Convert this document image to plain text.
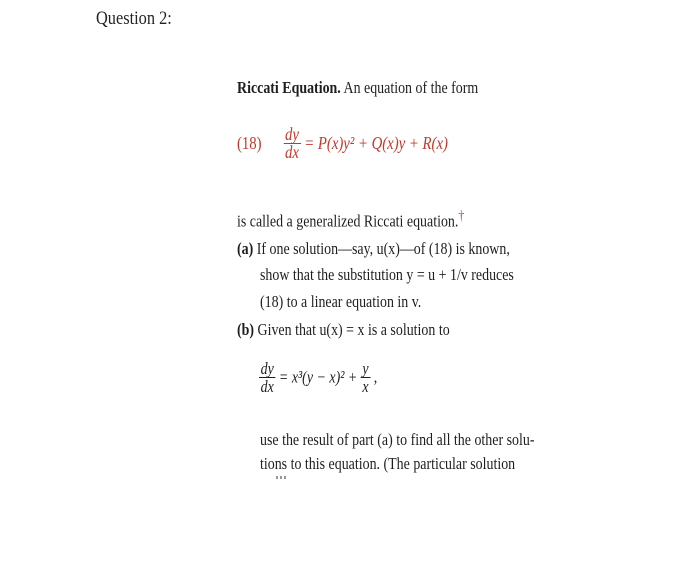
Question 2:
Riccati Equation. An equation of the form
$(18) \frac{dy}{dx} = P(x)y^2 + Q(x)y + R(x)$
is called a generalized Riccati equation.†
(a) If one solution—say, u(x)—of (18) is known,
show that the substitution y = u + 1/v reduces
(18) to a linear equation in v.
(b) Given that u(x) = x is a solution to
$\frac{dy}{dx} = x^3(y - x)^2 + \frac{y}{x}$ ,
use the result of part (a) to find all the other solu-
tions to this equation. (The particular solution
